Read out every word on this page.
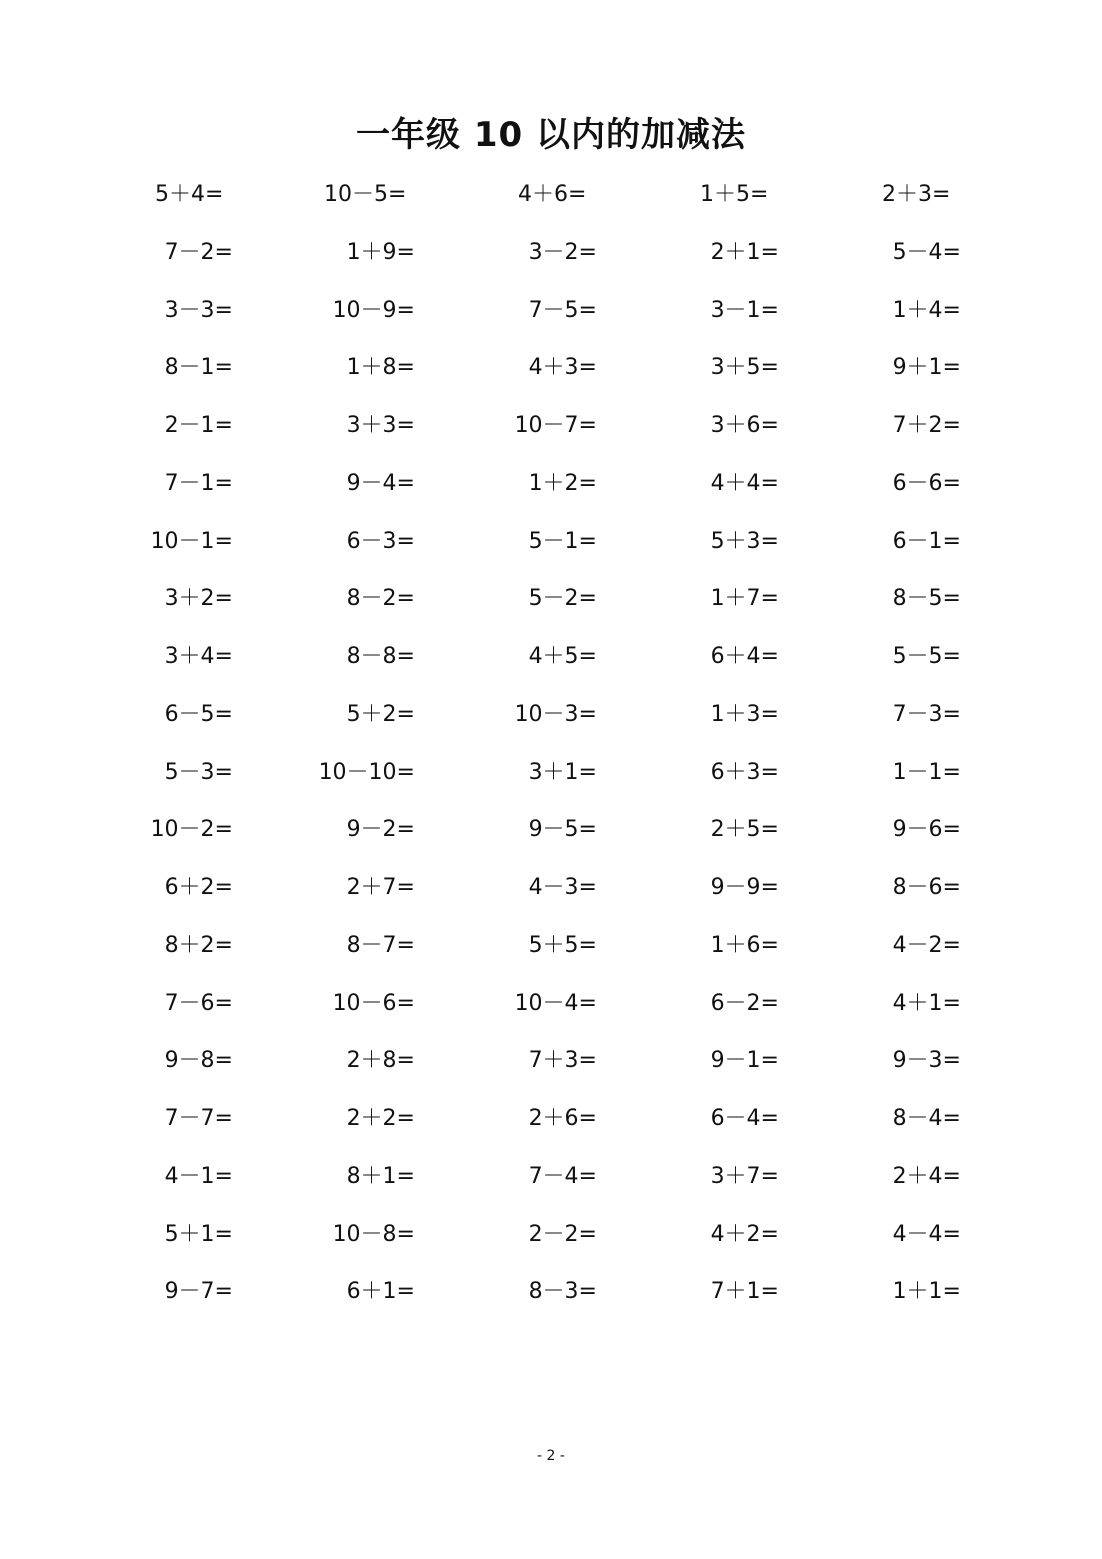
一年级 10 以内的加减法
5＋4=	10－5=	4＋6=	1＋5=	2＋3=
7－2=	1＋9=	3－2=	2＋1=	5－4=
3－3=	10－9=	7－5=	3－1=	1＋4=
8－1=	1＋8=	4＋3=	3＋5=	9＋1=
2－1=	3＋3=	10－7=	3＋6=	7＋2=
7－1=	9－4=	1＋2=	4＋4=	6－6=
10－1=	6－3=	5－1=	5＋3=	6－1=
3＋2=	8－2=	5－2=	1＋7=	8－5=
3＋4=	8－8=	4＋5=	6＋4=	5－5=
6－5=	5＋2=	10－3=	1＋3=	7－3=
5－3=	10－10=	3＋1=	6＋3=	1－1=
10－2=	9－2=	9－5=	2＋5=	9－6=
6＋2=	2＋7=	4－3=	9－9=	8－6=
8＋2=	8－7=	5＋5=	1＋6=	4－2=
7－6=	10－6=	10－4=	6－2=	4＋1=
9－8=	2＋8=	7＋3=	9－1=	9－3=
7－7=	2＋2=	2＋6=	6－4=	8－4=
4－1=	8＋1=	7－4=	3＋7=	2＋4=
5＋1=	10－8=	2－2=	4＋2=	4－4=
9－7=	6＋1=	8－3=	7＋1=	1＋1=
- 2 -
